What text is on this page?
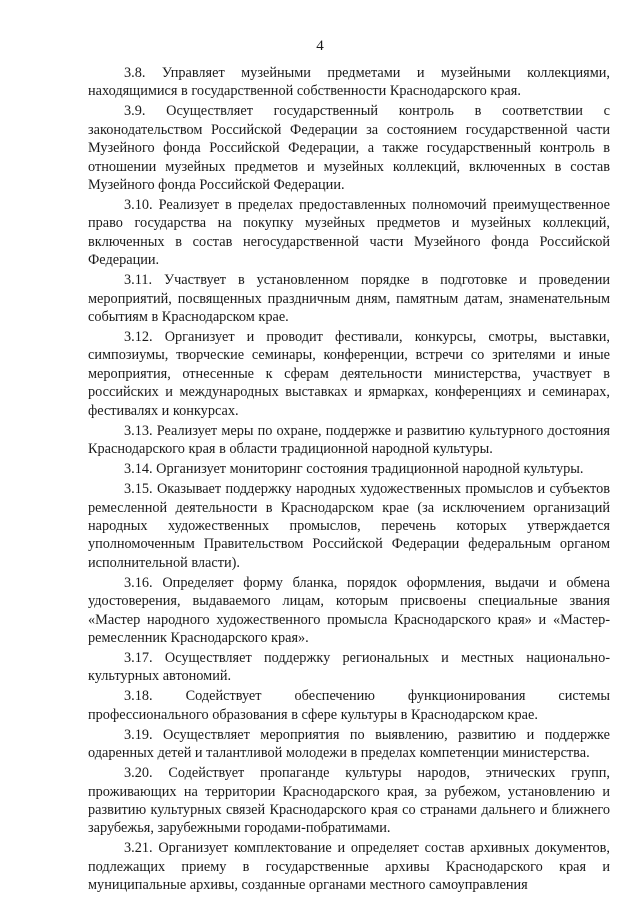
4

3.8. Управляет музейными предметами и музейными коллекциями, находящимися в государственной собственности Краснодарского края.

3.9. Осуществляет государственный контроль в соответствии с законодательством Российской Федерации за состоянием государственной части Музейного фонда Российской Федерации, а также государственный контроль в отношении музейных предметов и музейных коллекций, включенных в состав Музейного фонда Российской Федерации.

3.10. Реализует в пределах предоставленных полномочий преимущественное право государства на покупку музейных предметов и музейных коллекций, включенных в состав негосударственной части Музейного фонда Российской Федерации.

3.11. Участвует в установленном порядке в подготовке и проведении мероприятий, посвященных праздничным дням, памятным датам, знаменательным событиям в Краснодарском крае.

3.12. Организует и проводит фестивали, конкурсы, смотры, выставки, симпозиумы, творческие семинары, конференции, встречи со зрителями и иные мероприятия, отнесенные к сферам деятельности министерства, участвует в российских и международных выставках и ярмарках, конференциях и семинарах, фестивалях и конкурсах.

3.13. Реализует меры по охране, поддержке и развитию культурного достояния Краснодарского края в области традиционной народной культуры.

3.14. Организует мониторинг состояния традиционной народной культуры.

3.15. Оказывает поддержку народных художественных промыслов и субъектов ремесленной деятельности в Краснодарском крае (за исключением организаций народных художественных промыслов, перечень которых утверждается уполномоченным Правительством Российской Федерации федеральным органом исполнительной власти).

3.16. Определяет форму бланка, порядок оформления, выдачи и обмена удостоверения, выдаваемого лицам, которым присвоены специальные звания «Мастер народного художественного промысла Краснодарского края» и «Мастер-ремесленник Краснодарского края».

3.17. Осуществляет поддержку региональных и местных национально-культурных автономий.

3.18. Содействует обеспечению функционирования системы профессионального образования в сфере культуры в Краснодарском крае.

3.19. Осуществляет мероприятия по выявлению, развитию и поддержке одаренных детей и талантливой молодежи в пределах компетенции министерства.

3.20. Содействует пропаганде культуры народов, этнических групп, проживающих на территории Краснодарского края, за рубежом, установлению и развитию культурных связей Краснодарского края со странами дальнего и ближнего зарубежья, зарубежными городами-побратимами.

3.21. Организует комплектование и определяет состав архивных документов, подлежащих приему в государственные архивы Краснодарского края и муниципальные архивы, созданные органами местного самоуправления
